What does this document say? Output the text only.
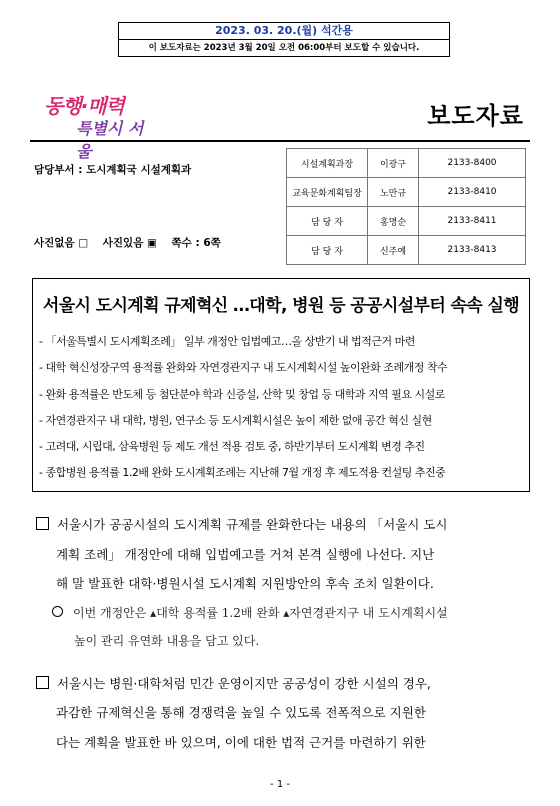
2023. 03. 20.(월) 석간용
이 보도자료는 2023년 3월 20일 오전 06:00부터 보도할 수 있습니다.
동행·매력
특별시 서울
보도자료
담당부서 : 도시계획국 시설계획과
사진없음 □    사진있음 ▣    쪽수 : 6쪽
시설계획과장	이광구	2133-8400
교육문화계획팀장	노만규	2133-8410
담 당 자	홍명순	2133-8411
담 당 자	신주예	2133-8413
서울시 도시계획 규제혁신 …대학, 병원 등 공공시설부터 속속 실행
- 「서울특별시 도시계획조례」 일부 개정안 입법예고…올 상반기 내 법적근거 마련
- 대학 혁신성장구역 용적률 완화와 자연경관지구 내 도시계획시설 높이완화 조례개정 착수
- 완화 용적률은 반도체 등 첨단분야 학과 신증설, 산학 및 창업 등 대학과 지역 필요 시설로
- 자연경관지구 내 대학, 병원, 연구소 등 도시계획시설은 높이 제한 없애 공간 혁신 실현
- 고려대, 시립대, 삼육병원 등 제도 개선 적용 검토 중, 하반기부터 도시계획 변경 추진
- 종합병원 용적률 1.2배 완화 도시계획조례는 지난해 7월 개정 후 제도적용 컨설팅 추진중
서울시가 공공시설의 도시계획 규제를 완화한다는 내용의 「서울시 도시
계획 조례」 개정안에 대해 입법예고를 거쳐 본격 실행에 나선다. 지난
해 말 발표한 대학·병원시설 도시계획 지원방안의 후속 조치 일환이다.
이번 개정안은 ▴대학 용적률 1.2배 완화 ▴자연경관지구 내 도시계획시설
높이 관리 유연화 내용을 담고 있다.
서울시는 병원·대학처럼 민간 운영이지만 공공성이 강한 시설의 경우,
과감한 규제혁신을 통해 경쟁력을 높일 수 있도록 전폭적으로 지원한
다는 계획을 발표한 바 있으며, 이에 대한 법적 근거를 마련하기 위한
- 1 -
